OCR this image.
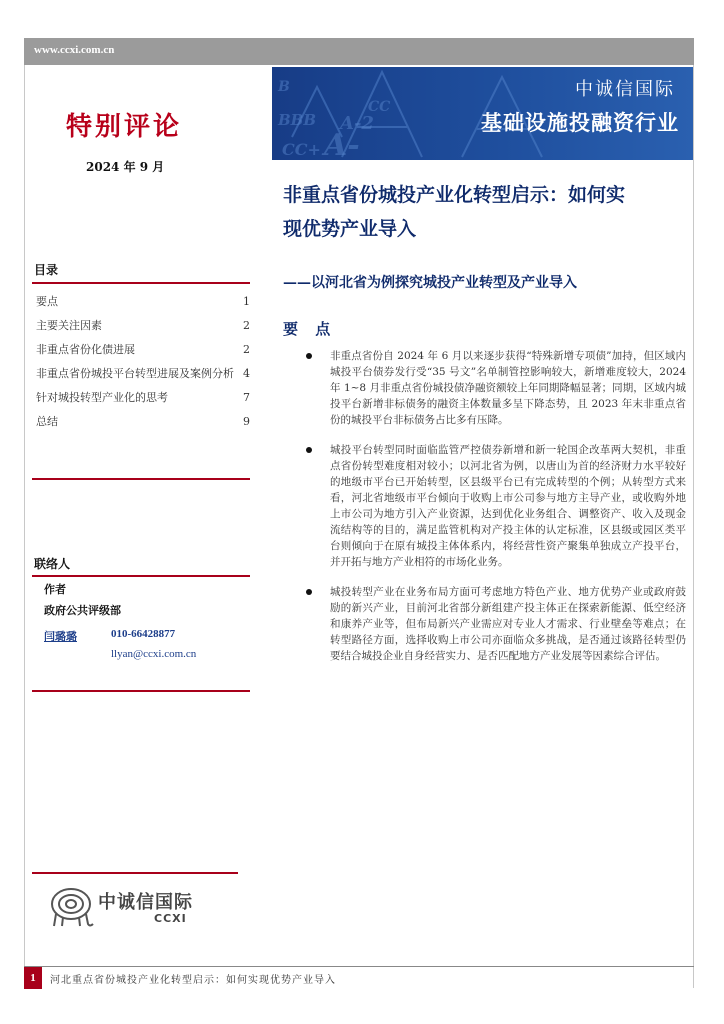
www.ccxi.com.cn
BBB
CC+ A-
A-2
CC
B	中诚信国际
基础设施投融资行业
特别评论
2024 年 9 月
非重点省份城投产业化转型启示：如何实
现优势产业导入
——以河北省为例探究城投产业转型及产业导入
要 点
目录
要点	1
主要关注因素	2
非重点省份化债进展	2
非重点省份城投平台转型进展及案例分析 4
针对城投转型产业化的思考	7
总结	9
联络人
作者
政府公共评级部
闫璐璐	010-66428877
llyan@ccxi.com.cn
非重点省份自 2024 年 6 月以来逐步获得“特殊新增专项债”加持，但区域内城投平台债券发行受“35 号文”名单制管控影响较大，新增难度较大，2024 年 1~8 月非重点省份城投债净融资额较上年同期降幅显著；同期，区域内城投平台新增非标债务的融资主体数量多呈下降态势，且 2023 年末非重点省份的城投平台非标债务占比多有压降。
城投平台转型同时面临监管严控债券新增和新一轮国企改革两大契机，非重点省份转型难度相对较小；以河北省为例，以唐山为首的经济财力水平较好的地级市平台已开始转型，区县级平台已有完成转型的个例；从转型方式来看，河北省地级市平台倾向于收购上市公司参与地方主导产业，或收购外地上市公司为地方引入产业资源，达到优化业务组合、调整资产、收入及现金流结构等的目的，满足监管机构对产投主体的认定标准，区县级或园区类平台则倾向于在原有城投主体体系内，将经营性资产聚集单独成立产投平台，并开拓与地方产业相符的市场化业务。
城投转型产业在业务布局方面可考虑地方特色产业、地方优势产业或政府鼓励的新兴产业，目前河北省部分新组建产投主体正在探索新能源、低空经济和康养产业等，但布局新兴产业需应对专业人才需求、行业壁垒等难点；在转型路径方面，选择收购上市公司亦面临众多挑战，是否通过该路径转型仍要结合城投企业自身经营实力、是否匹配地方产业发展等因素综合评估。
中诚信国际
CCXI
1	河北重点省份城投产业化转型启示：如何实现优势产业导入
